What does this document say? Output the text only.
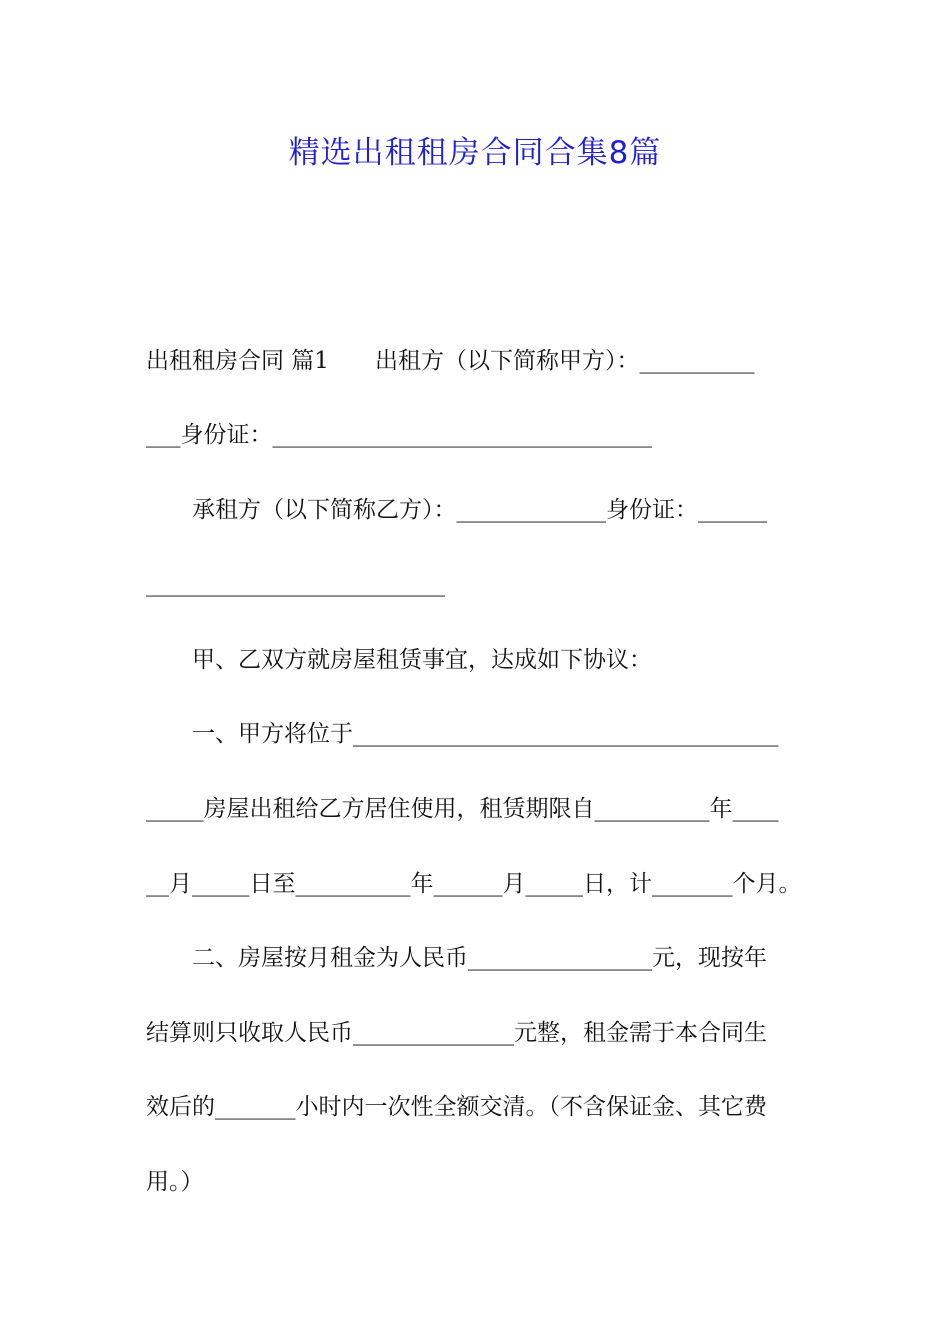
精选出租租房合同合集8篇
出租租房合同 篇1 出租方（以下简称甲方）：__________
___身份证：_________________________________
承租方（以下简称乙方）：_____________身份证：______
__________________________
甲、乙双方就房屋租赁事宜，达成如下协议：
一、甲方将位于_____________________________________
_____房屋出租给乙方居住使用，租赁期限自__________年____
__月_____日至__________年______月_____日，计_______个月。
二、房屋按月租金为人民币________________元，现按年
结算则只收取人民币______________元整，租金需于本合同生
效后的_______小时内一次性全额交清。（不含保证金、其它费
用。）
